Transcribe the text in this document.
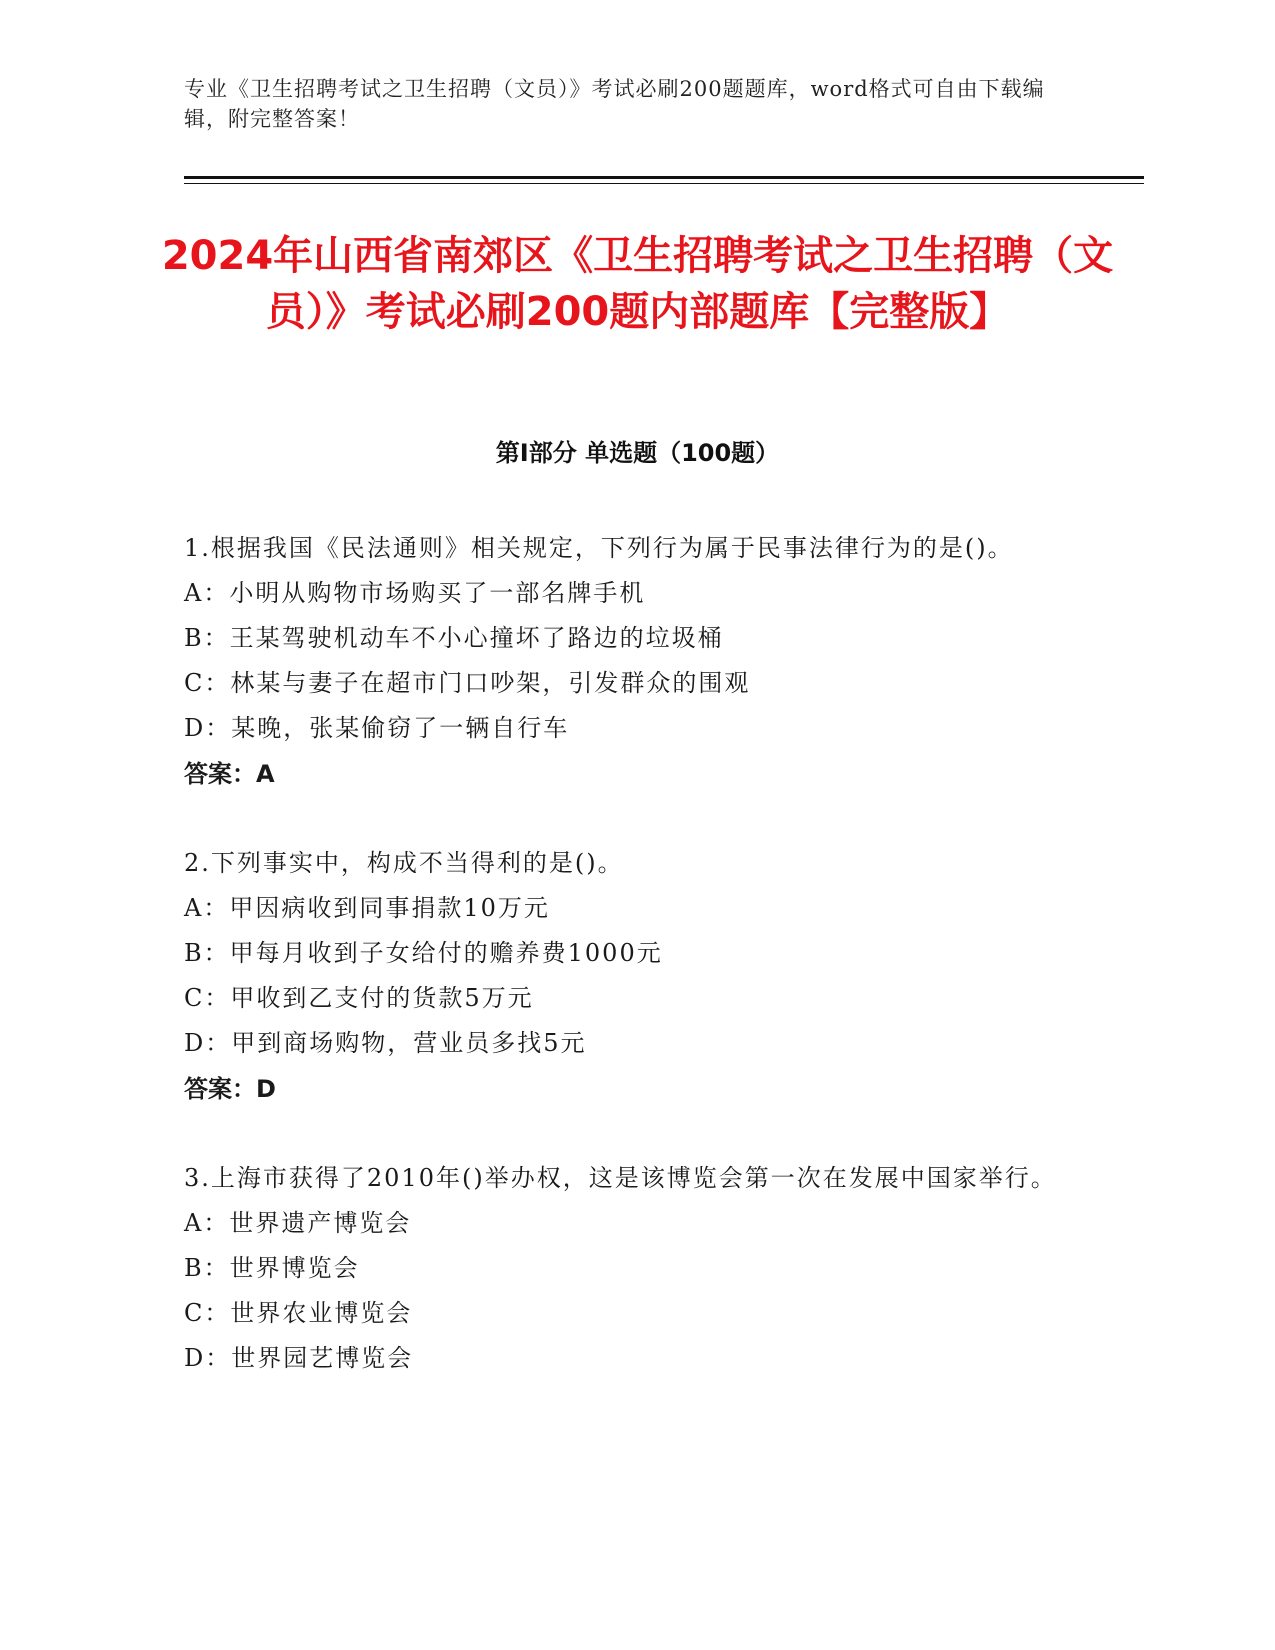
专业《卫生招聘考试之卫生招聘（文员）》考试必刷200题题库，word格式可自由下载编辑，附完整答案！
2024年山西省南郊区《卫生招聘考试之卫生招聘（文员）》考试必刷200题内部题库【完整版】
第I部分 单选题（100题）

1.根据我国《民法通则》相关规定，下列行为属于民事法律行为的是()。

A：小明从购物市场购买了一部名牌手机

B：王某驾驶机动车不小心撞坏了路边的垃圾桶

C：林某与妻子在超市门口吵架，引发群众的围观

D：某晚，张某偷窃了一辆自行车

答案：A

2.下列事实中，构成不当得利的是()。

A：甲因病收到同事捐款10万元

B：甲每月收到子女给付的赡养费1000元

C：甲收到乙支付的货款5万元

D：甲到商场购物，营业员多找5元

答案：D

3.上海市获得了2010年()举办权，这是该博览会第一次在发展中国家举行。

A：世界遗产博览会

B：世界博览会

C：世界农业博览会

D：世界园艺博览会
